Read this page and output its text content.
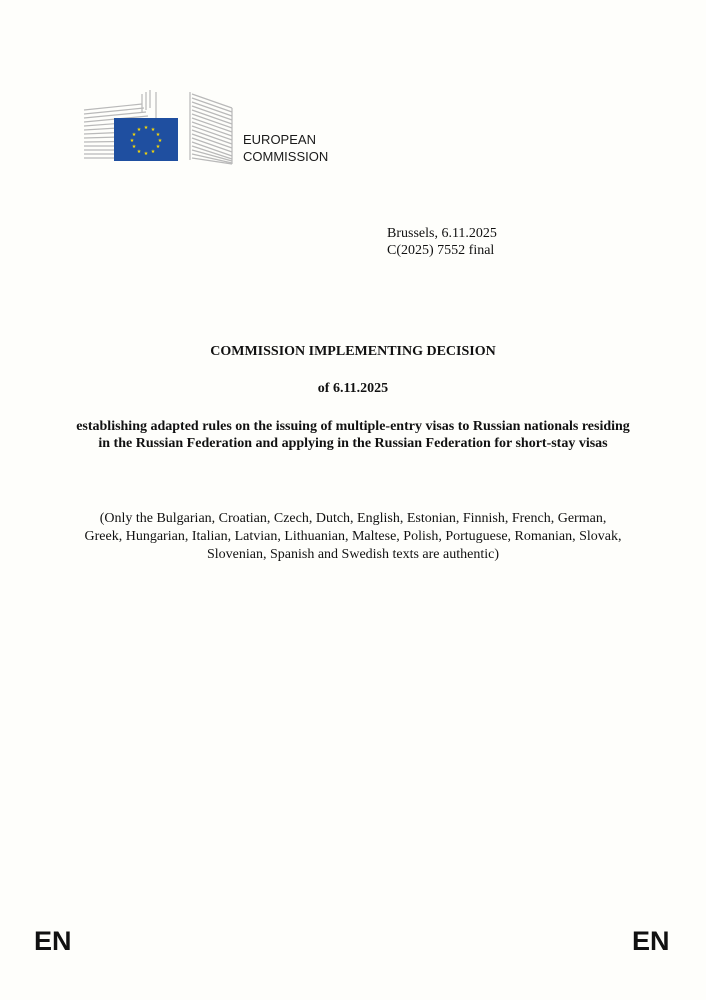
★ ★
★
★
★
★
★
★
★
★
★
★
EUROPEAN
COMMISSION
Brussels, 6.11.2025
C(2025) 7552 final
COMMISSION IMPLEMENTING DECISION
of 6.11.2025
establishing adapted rules on the issuing of multiple-entry visas to Russian nationals residing in the Russian Federation and applying in the Russian Federation for short-stay visas
(Only the Bulgarian, Croatian, Czech, Dutch, English, Estonian, Finnish, French, German, Greek, Hungarian, Italian, Latvian, Lithuanian, Maltese, Polish, Portuguese, Romanian, Slovak, Slovenian, Spanish and Swedish texts are authentic)
EN	EN
